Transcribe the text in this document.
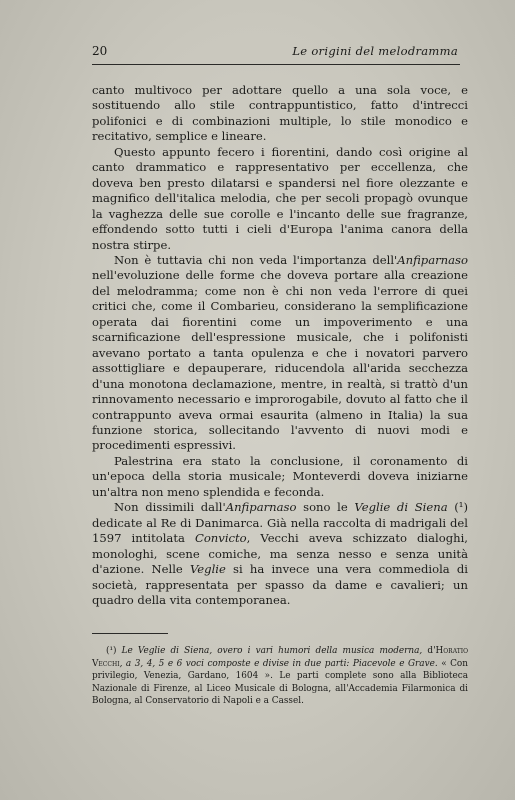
20	Le origini del melodramma

canto multivoco per adottare quello a una sola voce, e sostituendo allo stile contrappuntistico, fatto d'intrecci polifonici e di combinazioni multiple, lo stile monodico e recitativo, semplice e lineare.

Questo appunto fecero i fiorentini, dando così origine al canto drammatico e rappresentativo per eccellenza, che doveva ben presto dilatarsi e spandersi nel fiore olezzante e magnifico dell'italica melodia, che per secoli propagò ovunque la vaghezza delle sue corolle e l'incanto delle sue fragranze, effondendo sotto tutti i cieli d'Europa l'anima canora della nostra stirpe.

Non è tuttavia chi non veda l'importanza dell'Anfiparnaso nell'evoluzione delle forme che doveva portare alla creazione del melodramma; come non è chi non veda l'errore di quei critici che, come il Combarieu, considerano la semplificazione operata dai fiorentini come un impoverimento e una scarnificazione dell'espressione musicale, che i polifonisti avevano portato a tanta opulenza e che i novatori parvero assottigliare e depauperare, riducendola all'arida secchezza d'una monotona declamazione, mentre, in realtà, si trattò d'un rinnovamento necessario e improrogabile, dovuto al fatto che il contrappunto aveva ormai esaurita (almeno in Italia) la sua funzione storica, sollecitando l'avvento di nuovi modi e procedimenti espressivi.

Palestrina era stato la conclusione, il coronamento di un'epoca della storia musicale; Monteverdi doveva iniziarne un'altra non meno splendida e feconda.

Non dissimili dall'Anfiparnaso sono le Veglie di Siena (¹) dedicate al Re di Danimarca. Già nella raccolta di madrigali del 1597 intitolata Convicto, Vecchi aveva schizzato dialoghi, monologhi, scene comiche, ma senza nesso e senza unità d'azione. Nelle Veglie si ha invece una vera commediola di società, rappresentata per spasso da dame e cavalieri; un quadro della vita contemporanea.

(¹) Le Veglie di Siena, overo i vari humori della musica moderna, d'Horatio Vecchi, a 3, 4, 5 e 6 voci composte e divise in due parti: Piacevole e Grave. « Con privilegio, Venezia, Gardano, 1604 ». Le parti complete sono alla Biblioteca Nazionale di Firenze, al Liceo Musicale di Bologna, all'Accademia Filarmonica di Bologna, al Conservatorio di Napoli e a Cassel.
